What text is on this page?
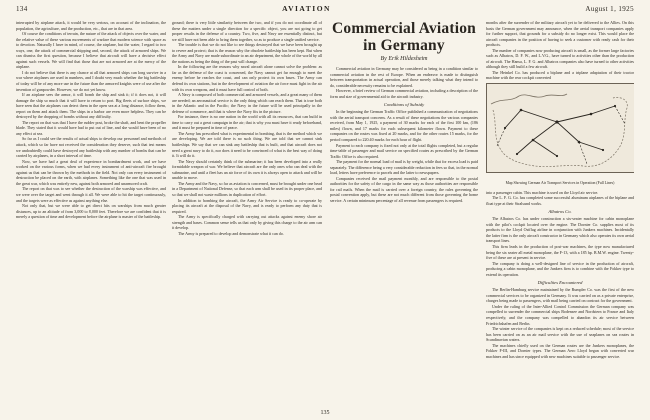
134	AVIATION	August 1, 1925

interrupted by airplane attack, it would be very serious, on account of the inclination, the population, the agriculture, and the production, etc., that are in that area.

Of course the conditions of terrain, the nature of the attack of objects over the water, and the relative value of these various movements of warfare that modern science with space as to devotion. Naturally I have in mind, of course, the airplane, but the water, I regard to two ways, one, the attack of commercial shipping and, second, the attack of armored ships. We can dismiss the first question, because I believe that aircraft will have a decisive effect against such vessels. We will find that those that are not armored are at the mercy of the airplane.

I do not believe that there is any chance at all that armored ships can long survive in a war where airplanes are used in numbers, and I doubt very much whether the big battleship of today will be of any more use in the future than the armored knights were of use after the invention of gunpowder. However, we do not yet know.

If an airplane sees the armor, it will bomb the ship and sink it; if it does not, it will damage the ship so much that it will have to return to port. Big fleets of surface ships, we have seen that the airplanes can detect them in the open sea at a long distance, follow them, report on them and attack them. The ships in a harbor are even more helpless. They can be destroyed by the dropping of bombs without any difficulty.

The report on that was that I have the rudder post, broke the shaft, and bent the propeller blade. They stated that it would have had to put out of line, and she would have been of no any effect at sea.

So far as I could see the results of actual ships to develop our personnel and methods of attack, which so far have not received the consideration they deserve, such that test means we undoubtedly could have destroyed any battleship with any number of bombs that can be carried by airplanes, in a short interval of time.

Now, we have had a great deal of experience in bombardment work, and we have worked on the various forms, when we had every instrument of anti-aircraft fire brought against us that can be thrown by the methods in the field. Not only can every instrument of destruction be placed on the earth, with airplanes. Something like the one that was used in the great war, which was entirely new, against both armored and unarmored craft.

The report on that was to see whether the destruction of the warship was effective, and we were over the target and went through it all. We were able to hit the target continuously, and the targets were as effective as against anything else.

Not only that, but we were able to get direct hits on warships from much greater distances, up to an altitude of from 3,000 to 8,000 feet. Therefore we are confident that it is merely a question of time and development before the airplane is master of the battleship.

ground; there is very little similarity between the two, and if you do not coordinate all of these the matters under a single direction for a specific object, you are not going to get proper results in the defense of a country. Two, five, and Navy are essentially distinct, but we still have not been able to bring them together, so as to produce a single unified service.

The trouble is that we do not like to see things destroyed that we have been brought up to revere and protect; that is the reason why the obsolete battleship has been kept. But when the Army and Navy are made subordinate to an air department, the whole of the world by all the nations as being the thing of the past will change.

In the following are the reasons why naval aircraft alone cannot solve the problem: as far as the defense of the coast is concerned, the Navy cannot get far enough to meet the enemy before he reaches the coast, and can only protect its own bases. The Army can defend its own stations, but in the development of aviation the air force must fight in the air with its own weapons, and it must have full control of both.

A Navy is composed of both commercial and armored vessels, and a great many of them are needed; an aeronautical service is the only thing which can reach them. That is true both in the Atlantic and in the Pacific; the Navy in the future will be used principally in the defense of commerce, and that is where the Navy fits in the picture.

For instance, there is no one nation in the world with all its resources, that can build in time to carry out a great campaign in the air; that is why you must have it ready beforehand, and it must be prepared in time of peace.

The Army has prescribed what is experimental in bombing, that is the method which we are developing. We are told there is no such thing. We are told that we cannot sink battleships. We say that we can sink any battleship that is built, and that aircraft does not need a great navy to do it, nor does it need to be convinced of what is the best way of doing it. It will do it.

The Navy should certainly think of the submarine; it has been developed into a really formidable weapon of war. We believe that aircraft are the only ones who can deal with the submarine, and until a fleet has an air force of its own it is always open to attack and will be unable to move.

The Army and the Navy, so far as aviation is concerned, must be brought under one head in a Department of National Defense, so that each arm shall be used in its proper place, and so that we shall not waste millions in duplication of effort.

In addition to bombing the aircraft, the Army Air Service is ready to co-operate by placing its aircraft at the disposal of the Navy, and is ready to perform any duty that is required.

The Army is specifically charged with carrying out attacks against enemy shore air strength and bases. Common sense tells us that only by giving this charge to the air arm can it develop.

The Army is prepared to develop and demonstrate what it can do.

Commercial Aviation in Germany
By Erik Hildesheim

Commercial aviation in Germany may be considered as being in a condition similar to commercial aviation in the rest of Europe. When an endeavor is made to distinguish between transportation in actual operation, and those merely talking what they intend to do, considerable necessity remains to be explained.

However, a brief review of German commercial aviation, including a description of the form and size of governmental aid to the aircraft industry.

Conditions of Subsidy

In the beginning the German Traffic Office published a communication of negotiations with the aerial transport concerns. As a result of these negotiations the various companies received, from May 1, 1925, a payment of 30 marks for each of the first 100 km, (186 miles) flown, and 17 marks for each subsequent kilometer flown. Payment to these companies on the routes was fixed at 20 marks, and for the other routes 15 marks, for the period compared to 220.40 marks for each hour of flight.

Payment to each company is fixed not only at the total flights completed, but a regular time-table of passenger and mail service on specified routes as prescribed by the German Traffic Office is also required.

The payment for the normal load of mail is by weight, while that for excess load is paid separately. The difference being a very considerable reduction in fees so that, in the normal load, letters have preference to parcels and the latter to newspapers.

Companies received the mail payment monthly, and are responsible to the postal authorities for the safety of the cargo in the same way as those authorities are responsible for rail mails. When the mail is carried over a foreign country, the rules governing the postal convention apply, but these are not much different from those governing the home service. A certain minimum percentage of all revenue from passengers is required.

months after the surrender of the military aircraft yet to be delivered to the Allies. On this basis the German government may announce, when the aerial transport companies apply for further support, that grounds for a subsidy do no longer exist. This would place the aircraft companies in the position of having to seek a customer with ready cash for their products.

The number of companies now producing aircraft is small, as the former large factories such as Albatros, D. F. W., and L.V.G., have turned to activities other than the production of aircraft. The Hansa, L. F. G. and Albatros companies also have turned to other activities although they still build a few aircraft.

The Heinkel Co. has produced a biplane and a triplane adaptation of their tractor machine with the rear cockpit converted

Map Showing German Air Transport Services in Operation (Full Lines)

into a passenger cabin. This machine is used on the Lloyd air service.

The L. F. G. Co. has completed some successful aluminum airplanes of the biplane and float type at their Stralsund works.

Albatros Co.

The Albatros Co. has under construction a six-seater machine for cabin monoplane with the pilot's cockpit located over the engine. The Dornier Co. supplies most of its products to the Lloyd Ostflug airline in conjunction with Junkers machines. Incidentally the latter firm is the only aircraft constructor in Germany which also operates its own aerial transport lines.

This firm leads in the production of post-war machines, the type now manufactured being the six seater all metal monoplane, the F-13, with a 185 hp. B.M.W. engine. Twenty-five of these are at present in service.

The company is doing a well-designed line of service in the production of aircraft, producing a cabin monoplane, and the Junkers firm is to combine with the Fokker type to extend its operation.

Difficulties Encountered

The Berlin-Hamburg service maintained by the Rumpler Co. was the first of the new commercial services to be organized in Germany. It was carried on as a private enterprise, charges being made to passengers, with mail being carried on contract for the government.

Under the ruling of the Inter-Allied Control Commission the German company was compelled to surrender the commercial ships Bodensee and Nordstern to France and Italy respectively, and the company was compelled to abandon its air service between Friedrichshafen and Berlin.

The winter service of the companies is kept on a reduced schedule; most of the service has been carried on as an air mail service with the use of seaplanes on sea routes in Scandinavian waters.

The machines chiefly used on the German routes are the Junkers monoplanes, the Fokker F-III, and Dornier types. The German Aero Lloyd began with converted war machines and has since equipped with new machines suitable to passenger service.

135
